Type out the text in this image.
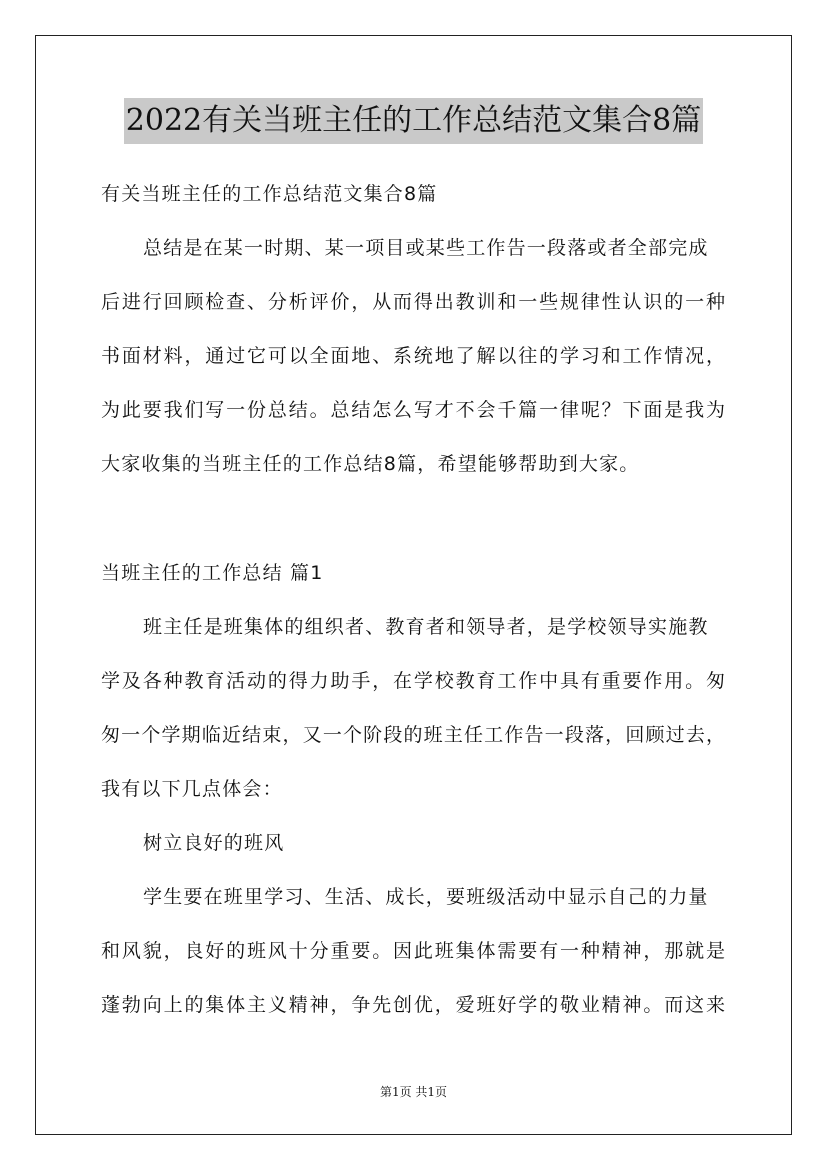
2022有关当班主任的工作总结范文集合8篇
有关当班主任的工作总结范文集合8篇
总结是在某一时期、某一项目或某些工作告一段落或者全部完成
后进行回顾检查、分析评价，从而得出教训和一些规律性认识的一种
书面材料，通过它可以全面地、系统地了解以往的学习和工作情况，
为此要我们写一份总结。总结怎么写才不会千篇一律呢？下面是我为
大家收集的当班主任的工作总结8篇，希望能够帮助到大家。
当班主任的工作总结 篇1
班主任是班集体的组织者、教育者和领导者，是学校领导实施教
学及各种教育活动的得力助手，在学校教育工作中具有重要作用。匆
匆一个学期临近结束，又一个阶段的班主任工作告一段落，回顾过去，
我有以下几点体会：
树立良好的班风
学生要在班里学习、生活、成长，要班级活动中显示自己的力量
和风貌，良好的班风十分重要。因此班集体需要有一种精神，那就是
蓬勃向上的集体主义精神，争先创优，爱班好学的敬业精神。而这来
第1页 共1页
